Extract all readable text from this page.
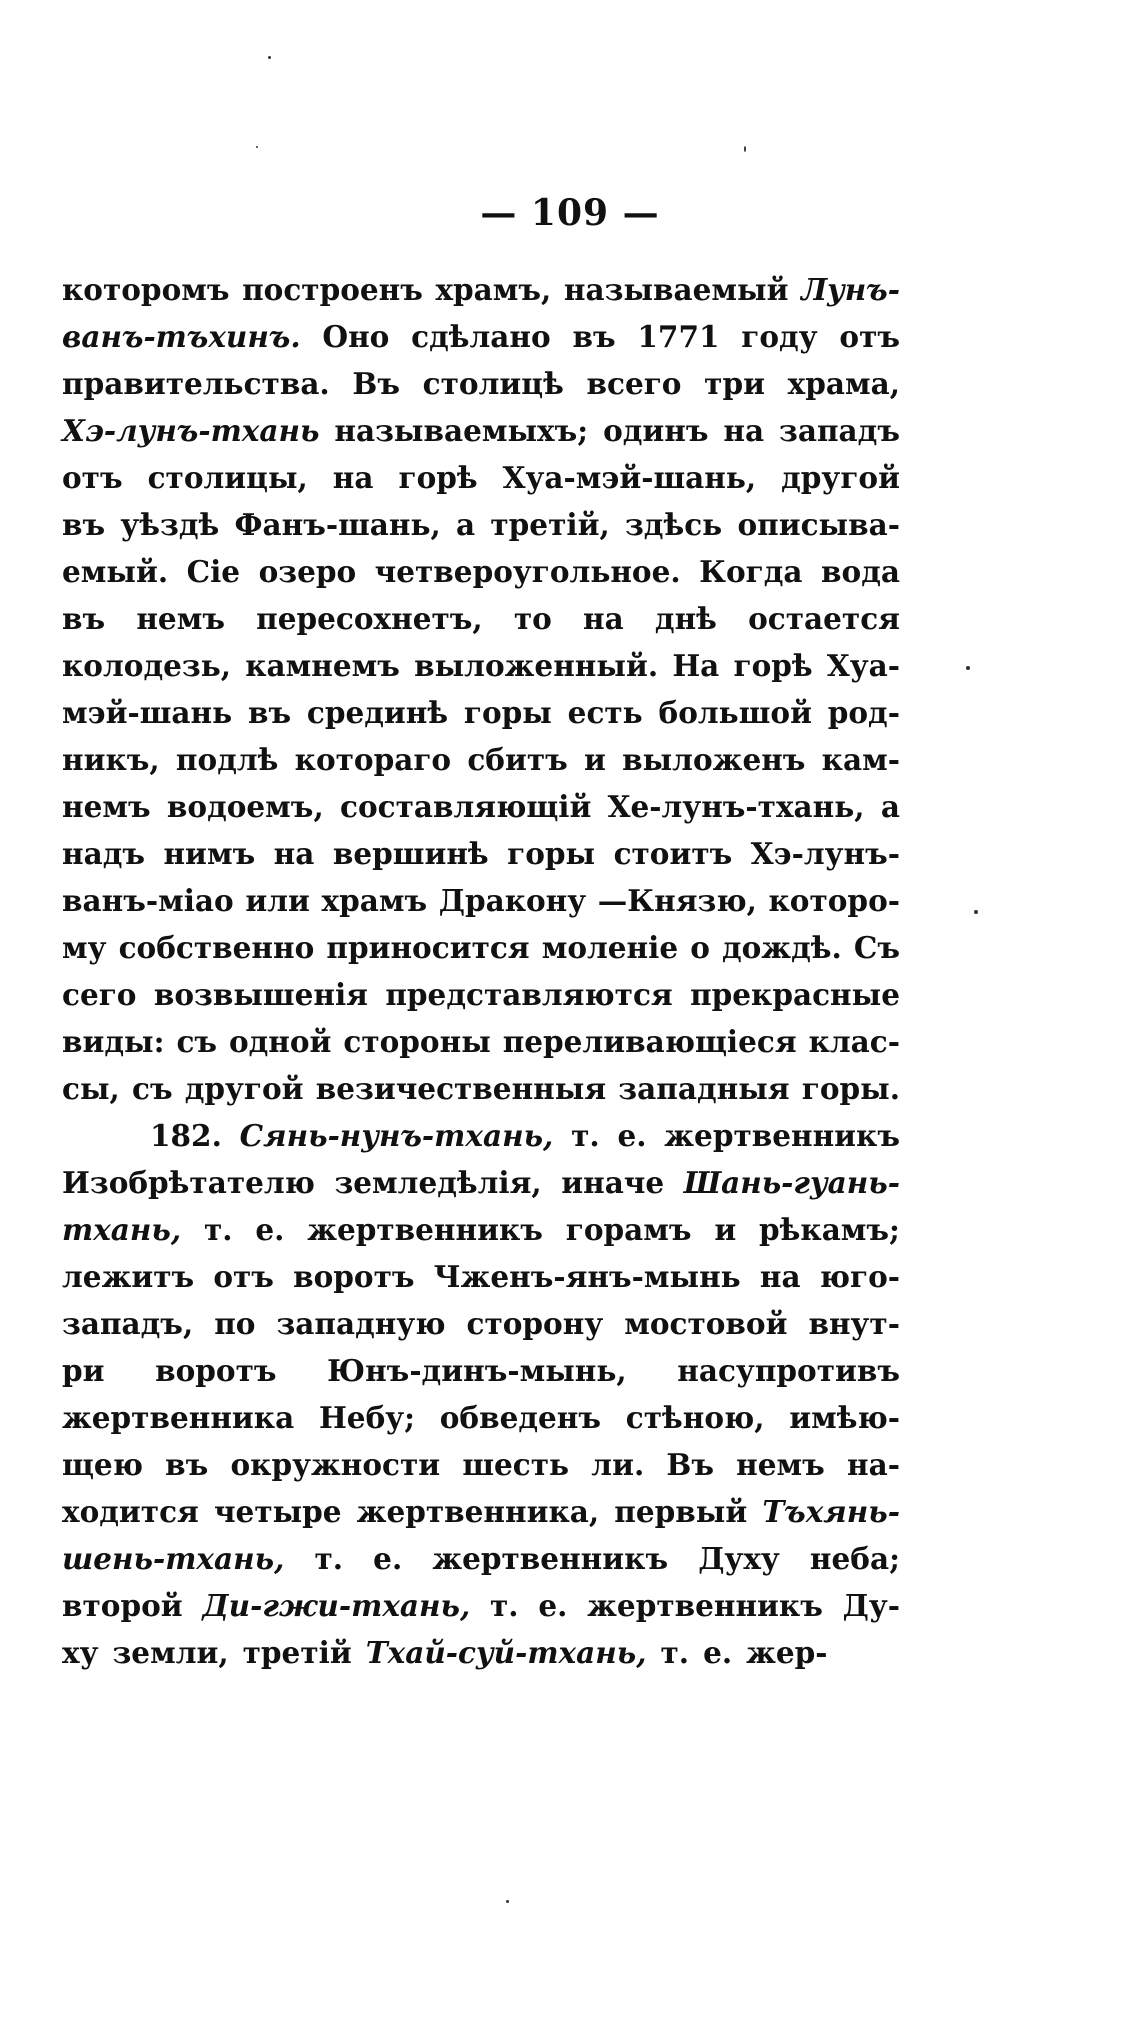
— 109 —
которомъ построенъ храмъ, называемый Лунъ-
ванъ-тъхинъ. Оно сдѣлано въ 1771 году отъ
правительства. Въ столицѣ всего три храма,
Хэ-лунъ-тхань называемыхъ; одинъ на западъ
отъ столицы, на горѣ Хуа-мэй-шань, другой
въ уѣздѣ Фанъ-шань, а третій, здѣсь описыва-
емый. Сіе озеро четвероугольное. Когда вода
въ немъ пересохнетъ, то на днѣ остается
колодезь, камнемъ выложенный. На горѣ Хуа-
мэй-шань въ срединѣ горы есть большой род-
никъ, подлѣ котораго сбитъ и выложенъ кам-
немъ водоемъ, составляющій Хе-лунъ-тхань, а
надъ нимъ на вершинѣ горы стоитъ Хэ-лунъ-
ванъ-міао или храмъ Дракону —Князю, которо-
му собственно приносится моленіе о дождѣ. Съ
сего возвышенія представляются прекрасные
виды: съ одной стороны переливающіеся клас-
сы, съ другой везичественныя западныя горы.
182. Сянь-нунъ-тхань, т. е. жертвенникъ
Изобрѣтателю земледѣлія, иначе Шань-гуань-
тхань, т. е. жертвенникъ горамъ и рѣкамъ;
лежитъ отъ воротъ Чженъ-янъ-мынь на юго-
западъ, по западную сторону мостовой внут-
ри воротъ Юнъ-динъ-мынь, насупротивъ
жертвенника Небу; обведенъ стѣною, имѣю-
щею въ окружности шесть ли. Въ немъ на-
ходится четыре жертвенника, первый Тъхянь-
шень-тхань, т. е. жертвенникъ Духу неба;
второй Ди-гжи-тхань, т. е. жертвенникъ Ду-
ху земли, третій Тхай-суй-тхань, т. е. жер-
